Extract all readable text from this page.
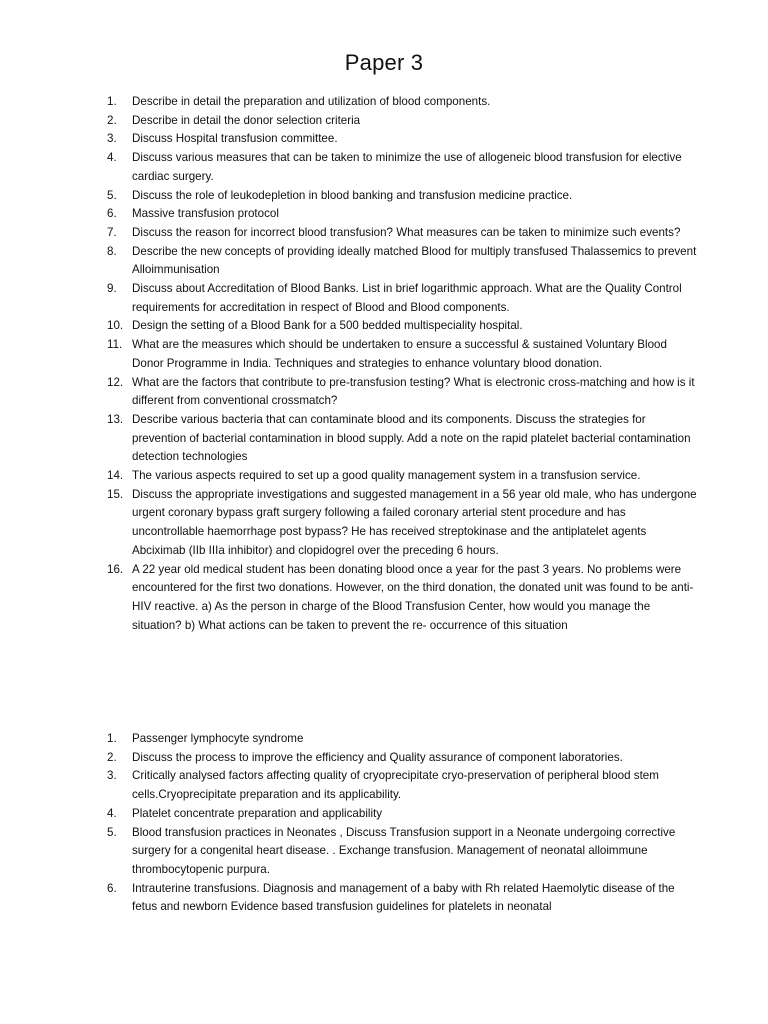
Paper 3
1. Describe in detail the preparation and utilization of blood components.
2. Describe in detail the donor selection criteria
3. Discuss Hospital transfusion committee.
4. Discuss various measures that can be taken to minimize the use of allogeneic blood transfusion for elective cardiac surgery.
5. Discuss the role of leukodepletion in blood banking and transfusion medicine practice.
6. Massive transfusion protocol
7. Discuss the reason for incorrect blood transfusion? What measures can be taken to minimize such events?
8. Describe the new concepts of providing ideally matched Blood for multiply transfused Thalassemics to prevent Alloimmunisation
9. Discuss about Accreditation of Blood Banks. List in brief logarithmic approach. What are the Quality Control requirements for accreditation in respect of Blood and Blood components.
10. Design the setting of a Blood Bank for a 500 bedded multispeciality hospital.
11. What are the measures which should be undertaken to ensure a successful & sustained Voluntary Blood Donor Programme in India. Techniques and strategies to enhance voluntary blood donation.
12. What are the factors that contribute to pre-transfusion testing? What is electronic cross-matching and how is it different from conventional crossmatch?
13. Describe various bacteria that can contaminate blood and its components. Discuss the strategies for prevention of bacterial contamination in blood supply. Add a note on the rapid platelet bacterial contamination detection technologies
14. The various aspects required to set up a good quality management system in a transfusion service.
15. Discuss the appropriate investigations and suggested management in a 56 year old male, who has undergone urgent coronary bypass graft surgery following a failed coronary arterial stent procedure and has uncontrollable haemorrhage post bypass? He has received streptokinase and the antiplatelet agents Abciximab (IIb IIIa inhibitor) and clopidogrel over the preceding 6 hours.
16. A 22 year old medical student has been donating blood once a year for the past 3 years. No problems were encountered for the first two donations. However, on the third donation, the donated unit was found to be anti-HIV reactive. a) As the person in charge of the Blood Transfusion Center, how would you manage the situation? b) What actions can be taken to prevent the re- occurrence of this situation
1. Passenger lymphocyte syndrome
2. Discuss the process to improve the efficiency and Quality assurance of component laboratories.
3. Critically analysed factors affecting quality of cryoprecipitate cryo-preservation of peripheral blood stem cells.Cryoprecipitate preparation and its applicability.
4. Platelet concentrate preparation and applicability
5. Blood transfusion practices in Neonates , Discuss Transfusion support in a Neonate undergoing corrective surgery for a congenital heart disease. . Exchange transfusion. Management of neonatal alloimmune thrombocytopenic purpura.
6. Intrauterine transfusions. Diagnosis and management of a baby with Rh related Haemolytic disease of the fetus and newborn Evidence based transfusion guidelines for platelets in neonatal
